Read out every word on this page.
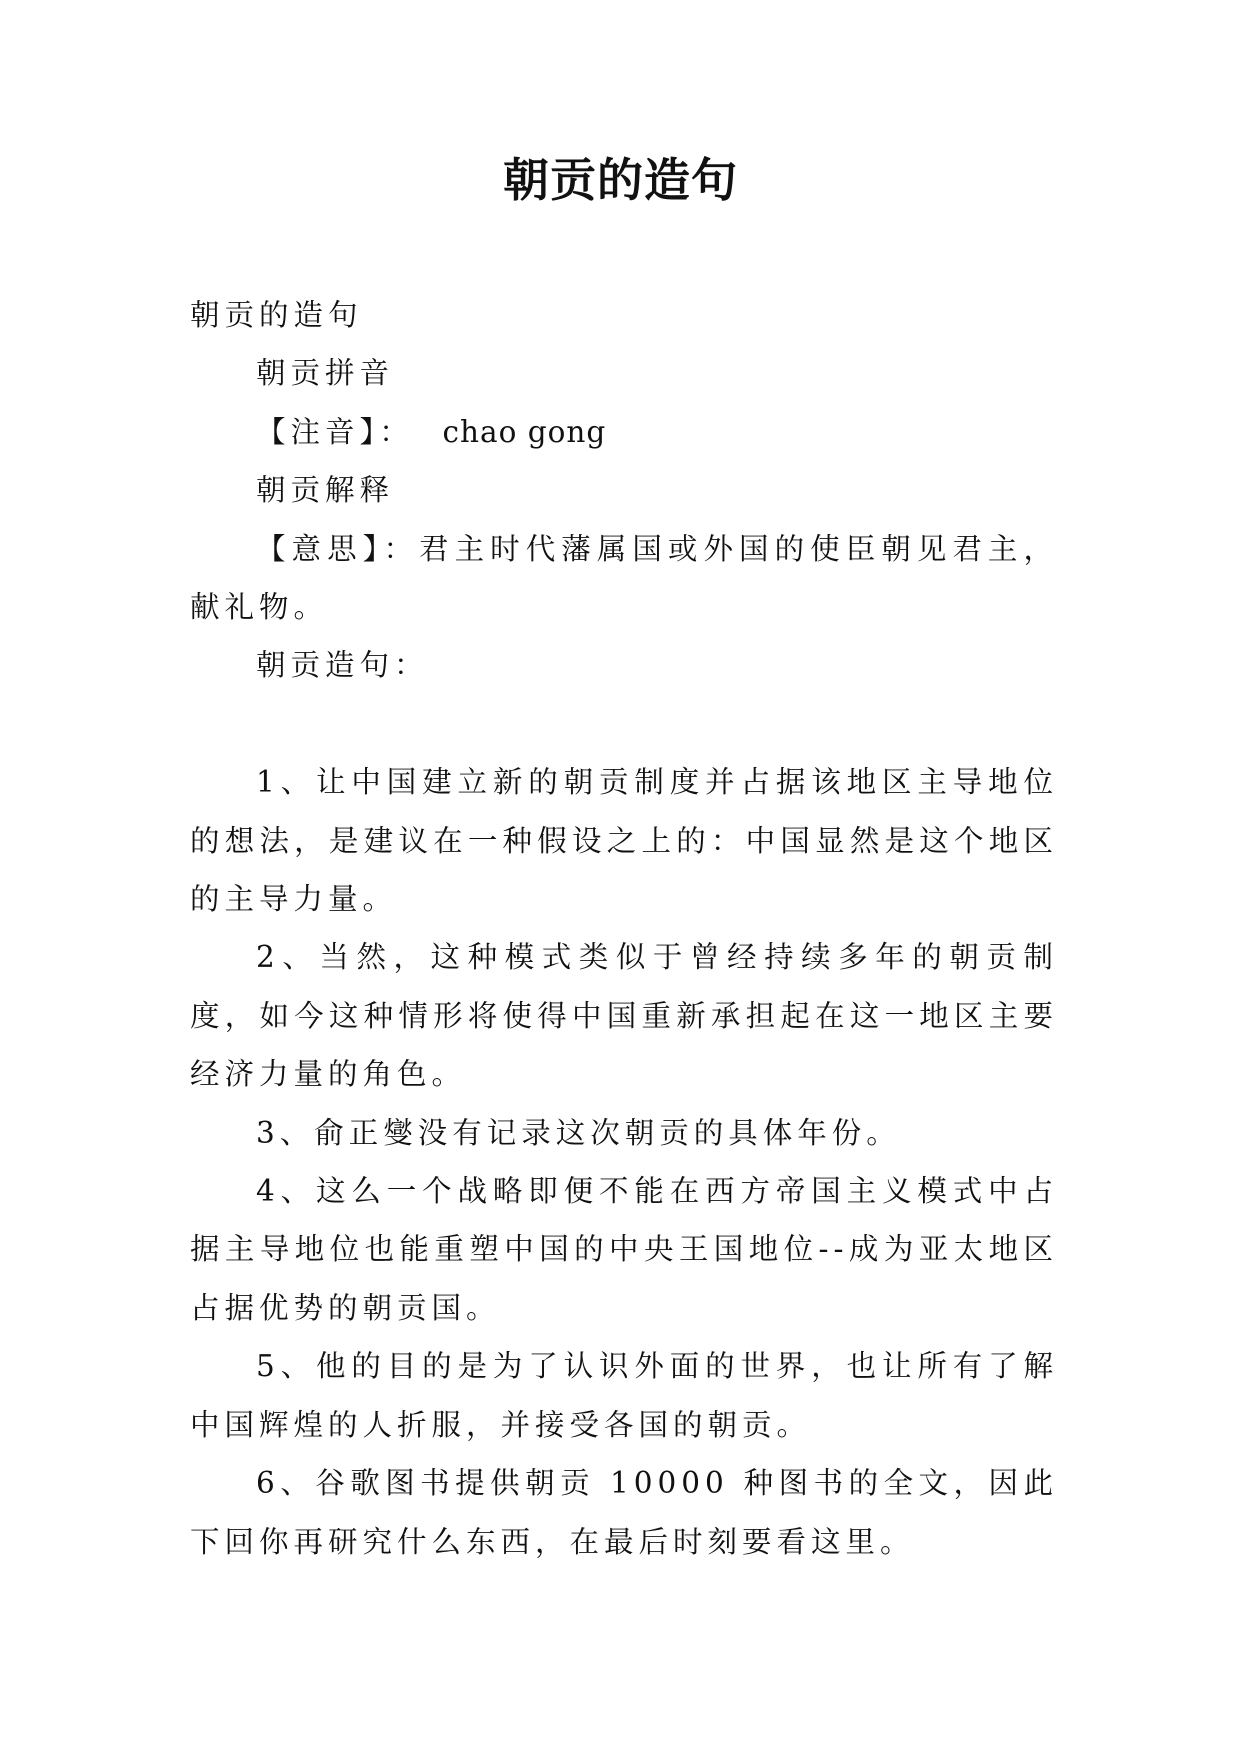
朝贡的造句

朝贡的造句

朝贡拼音

【注音】： chao gong

朝贡解释

【意思】：君主时代藩属国或外国的使臣朝见君主，献礼物。

朝贡造句：

1、让中国建立新的朝贡制度并占据该地区主导地位的想法，是建议在一种假设之上的：中国显然是这个地区的主导力量。

2、当然，这种模式类似于曾经持续多年的朝贡制度，如今这种情形将使得中国重新承担起在这一地区主要经济力量的角色。

3、俞正燮没有记录这次朝贡的具体年份。

4、这么一个战略即便不能在西方帝国主义模式中占据主导地位也能重塑中国的中央王国地位--成为亚太地区占据优势的朝贡国。

5、他的目的是为了认识外面的世界，也让所有了解中国辉煌的人折服，并接受各国的朝贡。

6、谷歌图书提供朝贡 10000 种图书的全文，因此下回你再研究什么东西，在最后时刻要看这里。
